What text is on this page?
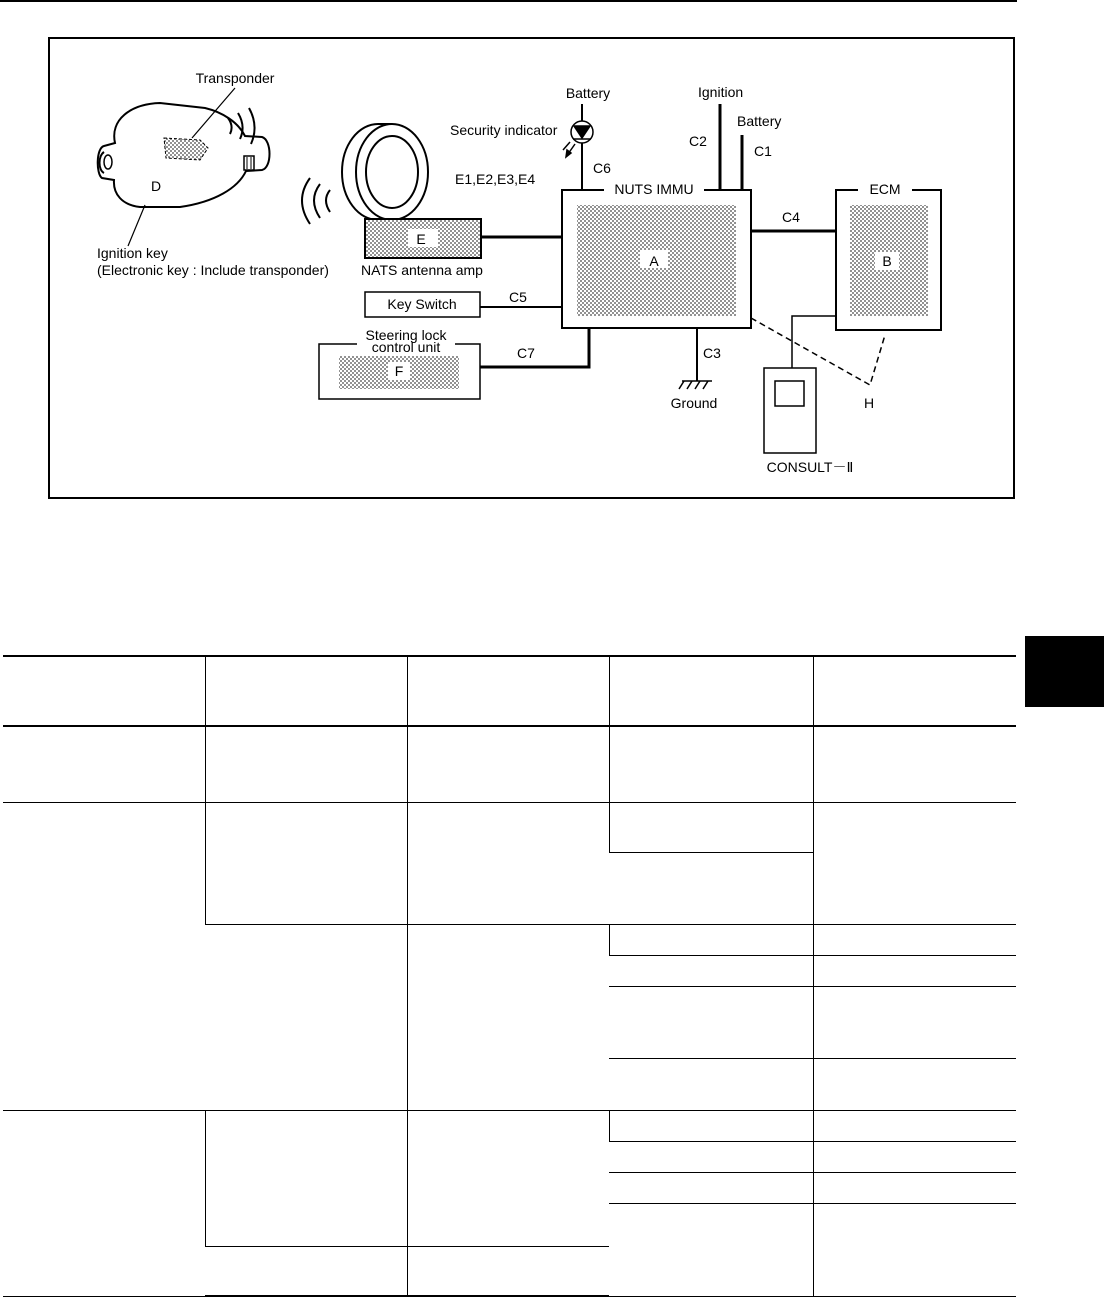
Transponder
D
Ignition key
(Electronic key : Include transponder)
E
NATS antenna amp
NUTS IMMU
A
ECM
B
Key Switch
Steering lock
control unit
F
CONSULT－Ⅱ
Battery
Security indicator
C6
Ignition
C2
Battery
C1
E1,E2,E3,E4
C4
C5
C7	C3
Ground	H
